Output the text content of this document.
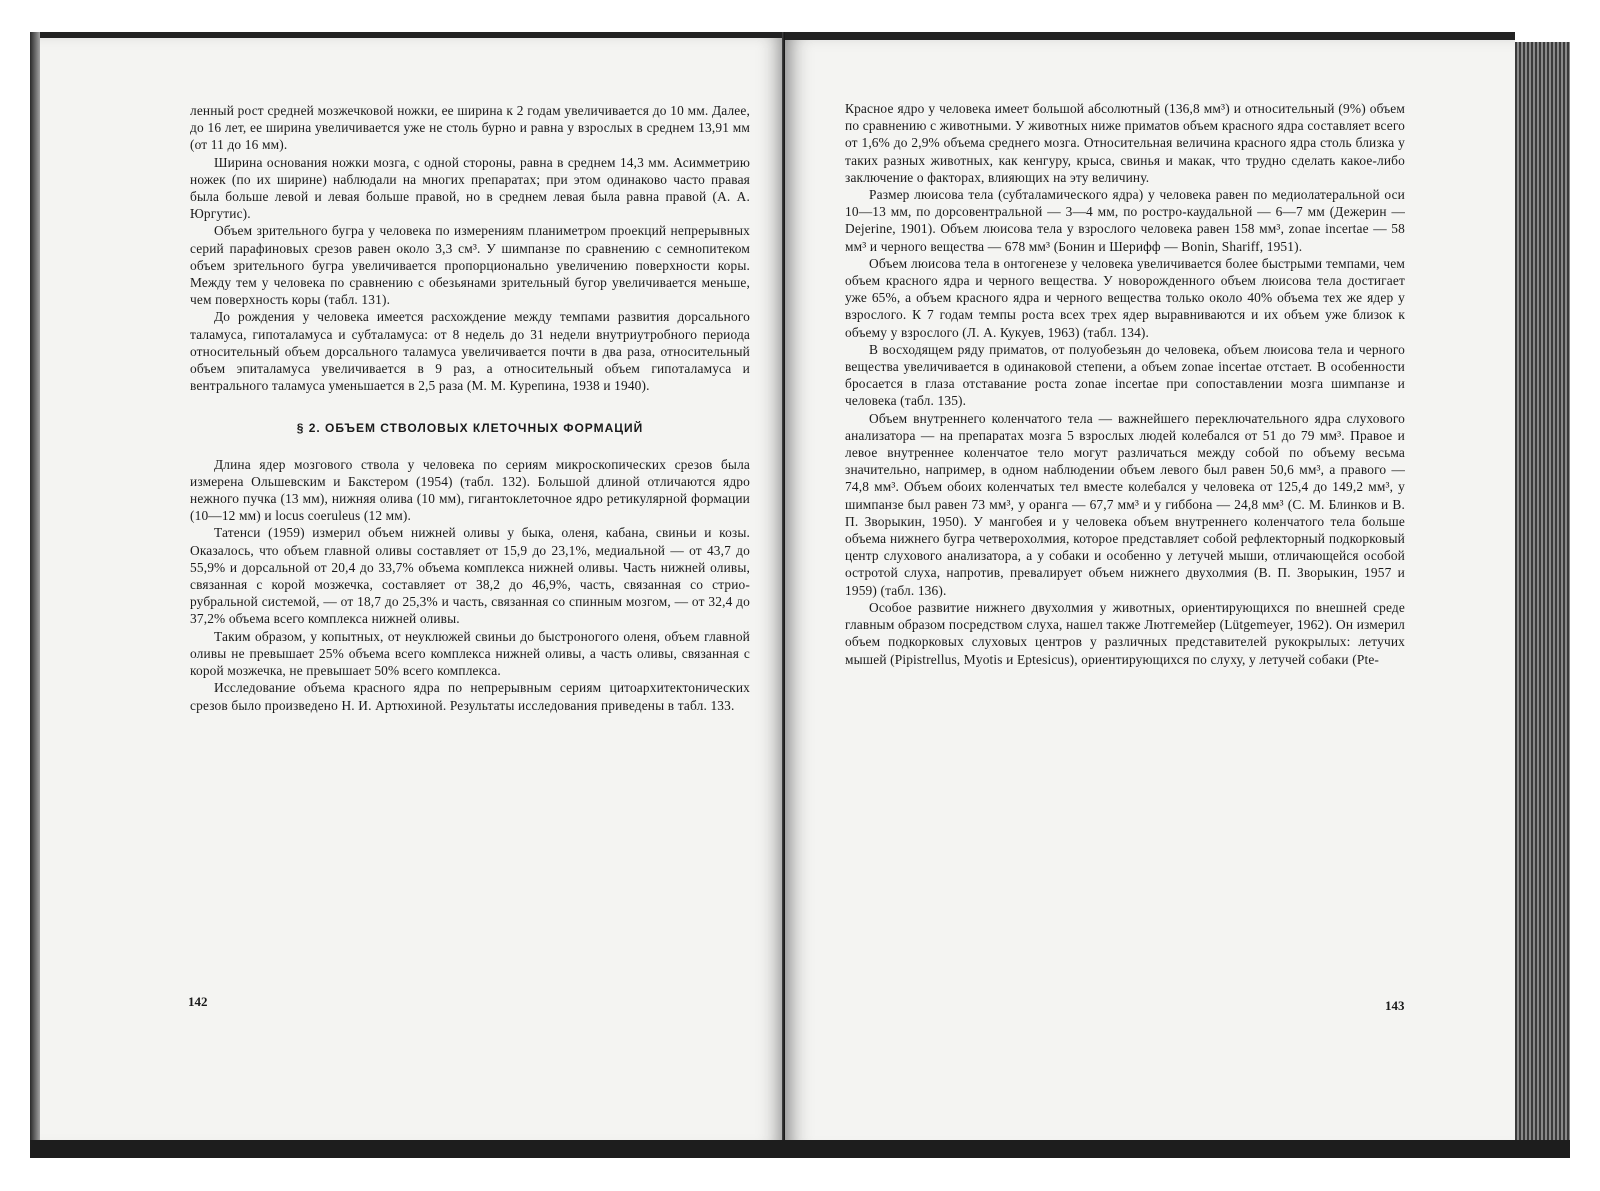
ленный рост средней мозжечковой ножки, ее ширина к 2 годам увеличивается до 10 мм. Далее, до 16 лет, ее ширина увеличивается уже не столь бурно и равна у взрослых в среднем 13,91 мм (от 11 до 16 мм).

Ширина основания ножки мозга, с одной стороны, равна в среднем 14,3 мм. Асимметрию ножек (по их ширине) наблюдали на многих препаратах; при этом одинаково часто правая была больше левой и левая больше правой, но в среднем левая была равна правой (А. А. Юргутис).

Объем зрительного бугра у человека по измерениям планиметром проекций непрерывных серий парафиновых срезов равен около 3,3 см³. У шимпанзе по сравнению с семнопитеком объем зрительного бугра увеличивается пропорционально увеличению поверхности коры. Между тем у человека по сравнению с обезьянами зрительный бугор увеличивается меньше, чем поверхность коры (табл. 131).

До рождения у человека имеется расхождение между темпами развития дорсального таламуса, гипоталамуса и субталамуса: от 8 недель до 31 недели внутриутробного периода относительный объем дорсального таламуса увеличивается почти в два раза, относительный объем эпиталамуса увеличивается в 9 раз, а относительный объем гипоталамуса и вентрального таламуса уменьшается в 2,5 раза (М. М. Курепина, 1938 и 1940).

§ 2. ОБЪЕМ СТВОЛОВЫХ КЛЕТОЧНЫХ ФОРМАЦИЙ

Длина ядер мозгового ствола у человека по сериям микроскопических срезов была измерена Ольшевским и Бакстером (1954) (табл. 132). Большой длиной отличаются ядро нежного пучка (13 мм), нижняя олива (10 мм), гигантоклеточное ядро ретикулярной формации (10—12 мм) и locus coeruleus (12 мм).

Татенси (1959) измерил объем нижней оливы у быка, оленя, кабана, свиньи и козы. Оказалось, что объем главной оливы составляет от 15,9 до 23,1%, медиальной — от 43,7 до 55,9% и дорсальной от 20,4 до 33,7% объема комплекса нижней оливы. Часть нижней оливы, связанная с корой мозжечка, составляет от 38,2 до 46,9%, часть, связанная со стрио-рубральной системой, — от 18,7 до 25,3% и часть, связанная со спинным мозгом, — от 32,4 до 37,2% объема всего комплекса нижней оливы.

Таким образом, у копытных, от неуклюжей свиньи до быстроногого оленя, объем главной оливы не превышает 25% объема всего комплекса нижней оливы, а часть оливы, связанная с корой мозжечка, не превышает 50% всего комплекса.

Исследование объема красного ядра по непрерывным сериям цитоархитектонических срезов было произведено Н. И. Артюхиной. Результаты исследования приведены в табл. 133.

142

Красное ядро у человека имеет большой абсолютный (136,8 мм³) и относительный (9%) объем по сравнению с животными. У животных ниже приматов объем красного ядра составляет всего от 1,6% до 2,9% объема среднего мозга. Относительная величина красного ядра столь близка у таких разных животных, как кенгуру, крыса, свинья и макак, что трудно сделать какое-либо заключение о факторах, влияющих на эту величину.

Размер люисова тела (субталамического ядра) у человека равен по медиолатеральной оси 10—13 мм, по дорсовентральной — 3—4 мм, по ростро-каудальной — 6—7 мм (Дежерин — Dejerine, 1901). Объем люисова тела у взрослого человека равен 158 мм³, zonae incertae — 58 мм³ и черного вещества — 678 мм³ (Бонин и Шерифф — Bonin, Shariff, 1951).

Объем люисова тела в онтогенезе у человека увеличивается более быстрыми темпами, чем объем красного ядра и черного вещества. У новорожденного объем люисова тела достигает уже 65%, а объем красного ядра и черного вещества только около 40% объема тех же ядер у взрослого. К 7 годам темпы роста всех трех ядер выравниваются и их объем уже близок к объему у взрослого (Л. А. Кукуев, 1963) (табл. 134).

В восходящем ряду приматов, от полуобезьян до человека, объем люисова тела и черного вещества увеличивается в одинаковой степени, а объем zonae incertae отстает. В особенности бросается в глаза отставание роста zonae incertae при сопоставлении мозга шимпанзе и человека (табл. 135).

Объем внутреннего коленчатого тела — важнейшего переключательного ядра слухового анализатора — на препаратах мозга 5 взрослых людей колебался от 51 до 79 мм³. Правое и левое внутреннее коленчатое тело могут различаться между собой по объему весьма значительно, например, в одном наблюдении объем левого был равен 50,6 мм³, а правого — 74,8 мм³. Объем обоих коленчатых тел вместе колебался у человека от 125,4 до 149,2 мм³, у шимпанзе был равен 73 мм³, у оранга — 67,7 мм³ и у гиббона — 24,8 мм³ (С. М. Блинков и В. П. Зворыкин, 1950). У мангобея и у человека объем внутреннего коленчатого тела больше объема нижнего бугра четверохолмия, которое представляет собой рефлекторный подкорковый центр слухового анализатора, а у собаки и особенно у летучей мыши, отличающейся особой остротой слуха, напротив, превалирует объем нижнего двухолмия (В. П. Зворыкин, 1957 и 1959) (табл. 136).

Особое развитие нижнего двухолмия у животных, ориентирующихся по внешней среде главным образом посредством слуха, нашел также Лютгемейер (Lütgemeyer, 1962). Он измерил объем подкорковых слуховых центров у различных представителей рукокрылых: летучих мышей (Pipistrellus, Myotis и Eptesicus), ориентирующихся по слуху, у летучей собаки (Pte-

143
